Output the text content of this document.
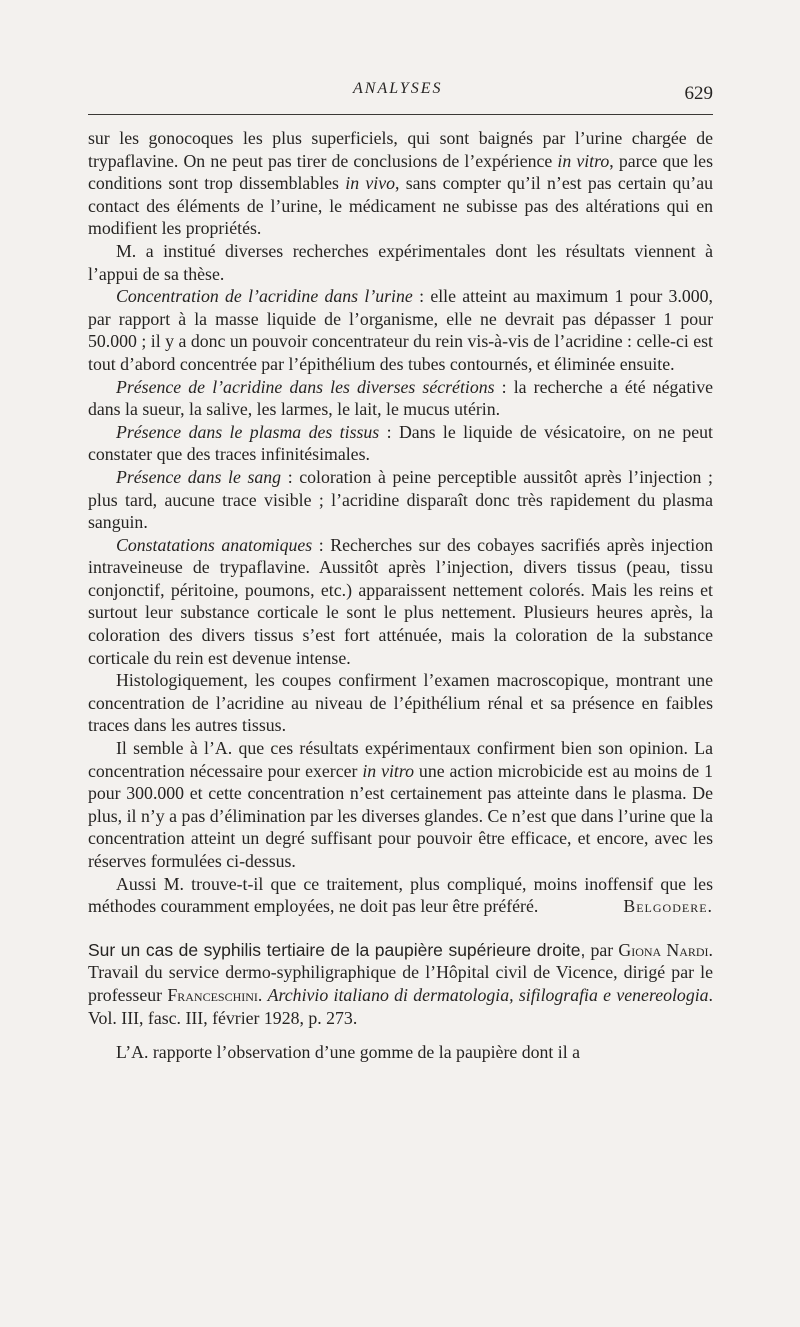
ANALYSES	629

sur les gonocoques les plus superficiels, qui sont baignés par l’urine chargée de trypaflavine. On ne peut pas tirer de conclusions de l’expérience in vitro, parce que les conditions sont trop dissemblables in vivo, sans compter qu’il n’est pas certain qu’au contact des éléments de l’urine, le médicament ne subisse pas des altérations qui en modifient les propriétés.

M. a institué diverses recherches expérimentales dont les résultats viennent à l’appui de sa thèse.

Concentration de l’acridine dans l’urine : elle atteint au maximum 1 pour 3.000, par rapport à la masse liquide de l’organisme, elle ne devrait pas dépasser 1 pour 50.000 ; il y a donc un pouvoir concentrateur du rein vis-à-vis de l’acridine : celle-ci est tout d’abord concentrée par l’épithélium des tubes contournés, et éliminée ensuite.

Présence de l’acridine dans les diverses sécrétions : la recherche a été négative dans la sueur, la salive, les larmes, le lait, le mucus utérin.

Présence dans le plasma des tissus : Dans le liquide de vésicatoire, on ne peut constater que des traces infinitésimales.

Présence dans le sang : coloration à peine perceptible aussitôt après l’injection ; plus tard, aucune trace visible ; l’acridine disparaît donc très rapidement du plasma sanguin.

Constatations anatomiques : Recherches sur des cobayes sacrifiés après injection intraveineuse de trypaflavine. Aussitôt après l’injection, divers tissus (peau, tissu conjonctif, péritoine, poumons, etc.) apparaissent nettement colorés. Mais les reins et surtout leur substance corticale le sont le plus nettement. Plusieurs heures après, la coloration des divers tissus s’est fort atténuée, mais la coloration de la substance corticale du rein est devenue intense.

Histologiquement, les coupes confirment l’examen macroscopique, montrant une concentration de l’acridine au niveau de l’épithélium rénal et sa présence en faibles traces dans les autres tissus.

Il semble à l’A. que ces résultats expérimentaux confirment bien son opinion. La concentration nécessaire pour exercer in vitro une action microbicide est au moins de 1 pour 300.000 et cette concentration n’est certainement pas atteinte dans le plasma. De plus, il n’y a pas d’élimination par les diverses glandes. Ce n’est que dans l’urine que la concentration atteint un degré suffisant pour pouvoir être efficace, et encore, avec les réserves formulées ci-dessus.

Aussi M. trouve-t-il que ce traitement, plus compliqué, moins inoffensif que les méthodes couramment employées, ne doit pas leur être préféré.	Belgodere.

Sur un cas de syphilis tertiaire de la paupière supérieure droite, par Giona Nardi. Travail du service dermo-syphiligraphique de l’Hôpital civil de Vicence, dirigé par le professeur Franceschini. Archivio italiano di dermatologia, sifilografia e venereologia. Vol. III, fasc. III, février 1928, p. 273.

L’A. rapporte l’observation d’une gomme de la paupière dont il a
